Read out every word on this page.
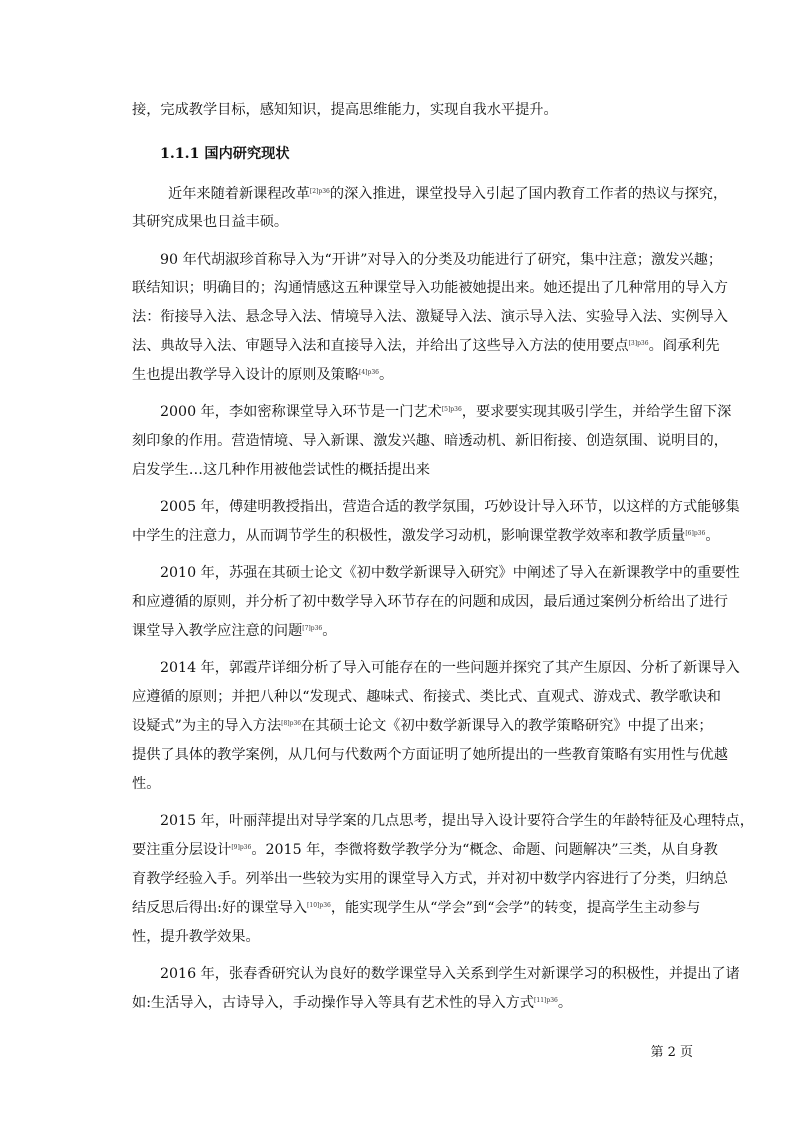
接，完成教学目标，感知知识，提高思维能力，实现自我水平提升。
1.1.1 国内研究现状
近年来随着新课程改革$^{[2]p36}$的深入推进，课堂投导入引起了国内教育工作者的热议与探究，
其研究成果也日益丰硕。
90 年代胡淑珍首称导入为“开讲”对导入的分类及功能进行了研究，集中注意；激发兴趣；
联结知识；明确目的；沟通情感这五种课堂导入功能被她提出来。她还提出了几种常用的导入方
法：衔接导入法、悬念导入法、情境导入法、激疑导入法、演示导入法、实验导入法、实例导入
法、典故导入法、审题导入法和直接导入法，并给出了这些导入方法的使用要点$^{[3]p36}$。阎承利先
生也提出教学导入设计的原则及策略$^{[4]p36}$。
2000 年，李如密称课堂导入环节是一门艺术$^{[5]p36}$，要求要实现其吸引学生，并给学生留下深
刻印象的作用。营造情境、导入新课、激发兴趣、暗透动机、新旧衔接、创造氛围、说明目的，
启发学生…这几种作用被他尝试性的概括提出来
2005 年，傅建明教授指出，营造合适的教学氛围，巧妙设计导入环节，以这样的方式能够集
中学生的注意力，从而调节学生的积极性，激发学习动机，影响课堂教学效率和教学质量$^{[6]p36}$。
2010 年，苏强在其硕士论文《初中数学新课导入研究》中阐述了导入在新课教学中的重要性
和应遵循的原则，并分析了初中数学导入环节存在的问题和成因，最后通过案例分析给出了进行
课堂导入教学应注意的问题$^{[7]p36}$。
2014 年，郭霞芹详细分析了导入可能存在的一些问题并探究了其产生原因、分析了新课导入
应遵循的原则；并把八种以“发现式、趣味式、衔接式、类比式、直观式、游戏式、教学歌诀和
设疑式”为主的导入方法$^{[8]p36}$在其硕士论文《初中数学新课导入的教学策略研究》中提了出来；
提供了具体的教学案例，从几何与代数两个方面证明了她所提出的一些教育策略有实用性与优越
性。
2015 年，叶丽萍提出对导学案的几点思考，提出导入设计要符合学生的年龄特征及心理特点，
要注重分层设计$^{[9]p36}$。2015 年，李微将数学教学分为“概念、命题、问题解决”三类，从自身教
育教学经验入手。列举出一些较为实用的课堂导入方式，并对初中数学内容进行了分类，归纳总
结反思后得出:好的课堂导入$^{[10]p36}$，能实现学生从“学会”到“会学”的转变，提高学生主动参与
性，提升教学效果。
2016 年，张春香研究认为良好的数学课堂导入关系到学生对新课学习的积极性，并提出了诸
如:生活导入，古诗导入，手动操作导入等具有艺术性的导入方式$^{[11]p36}$。
第 2 页
